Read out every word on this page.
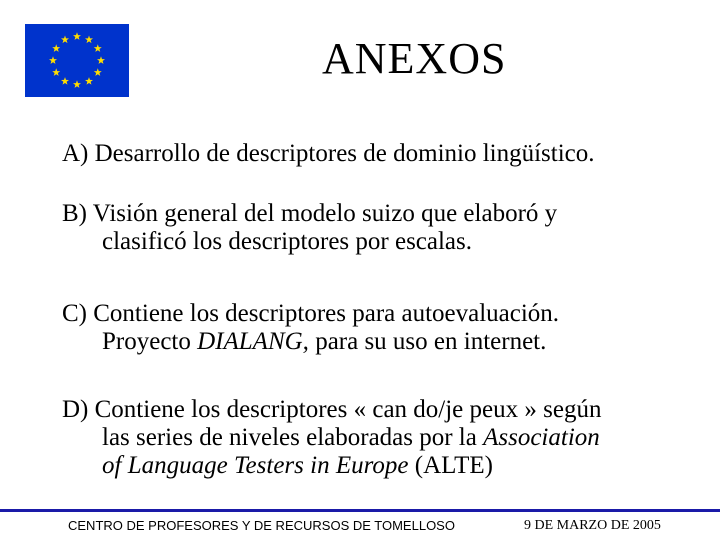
ANEXOS
A) Desarrollo de descriptores de dominio lingüístico.
B) Visión general del modelo suizo que elaboró y
clasificó los descriptores por escalas.
C) Contiene los descriptores para autoevaluación.
Proyecto DIALANG, para su uso en internet.
D) Contiene los descriptores « can do/je peux » según
las series de niveles elaboradas por la Association
of Language Testers in Europe (ALTE)
CENTRO DE PROFESORES Y DE RECURSOS DE TOMELLOSO	9 DE MARZO DE 2005
